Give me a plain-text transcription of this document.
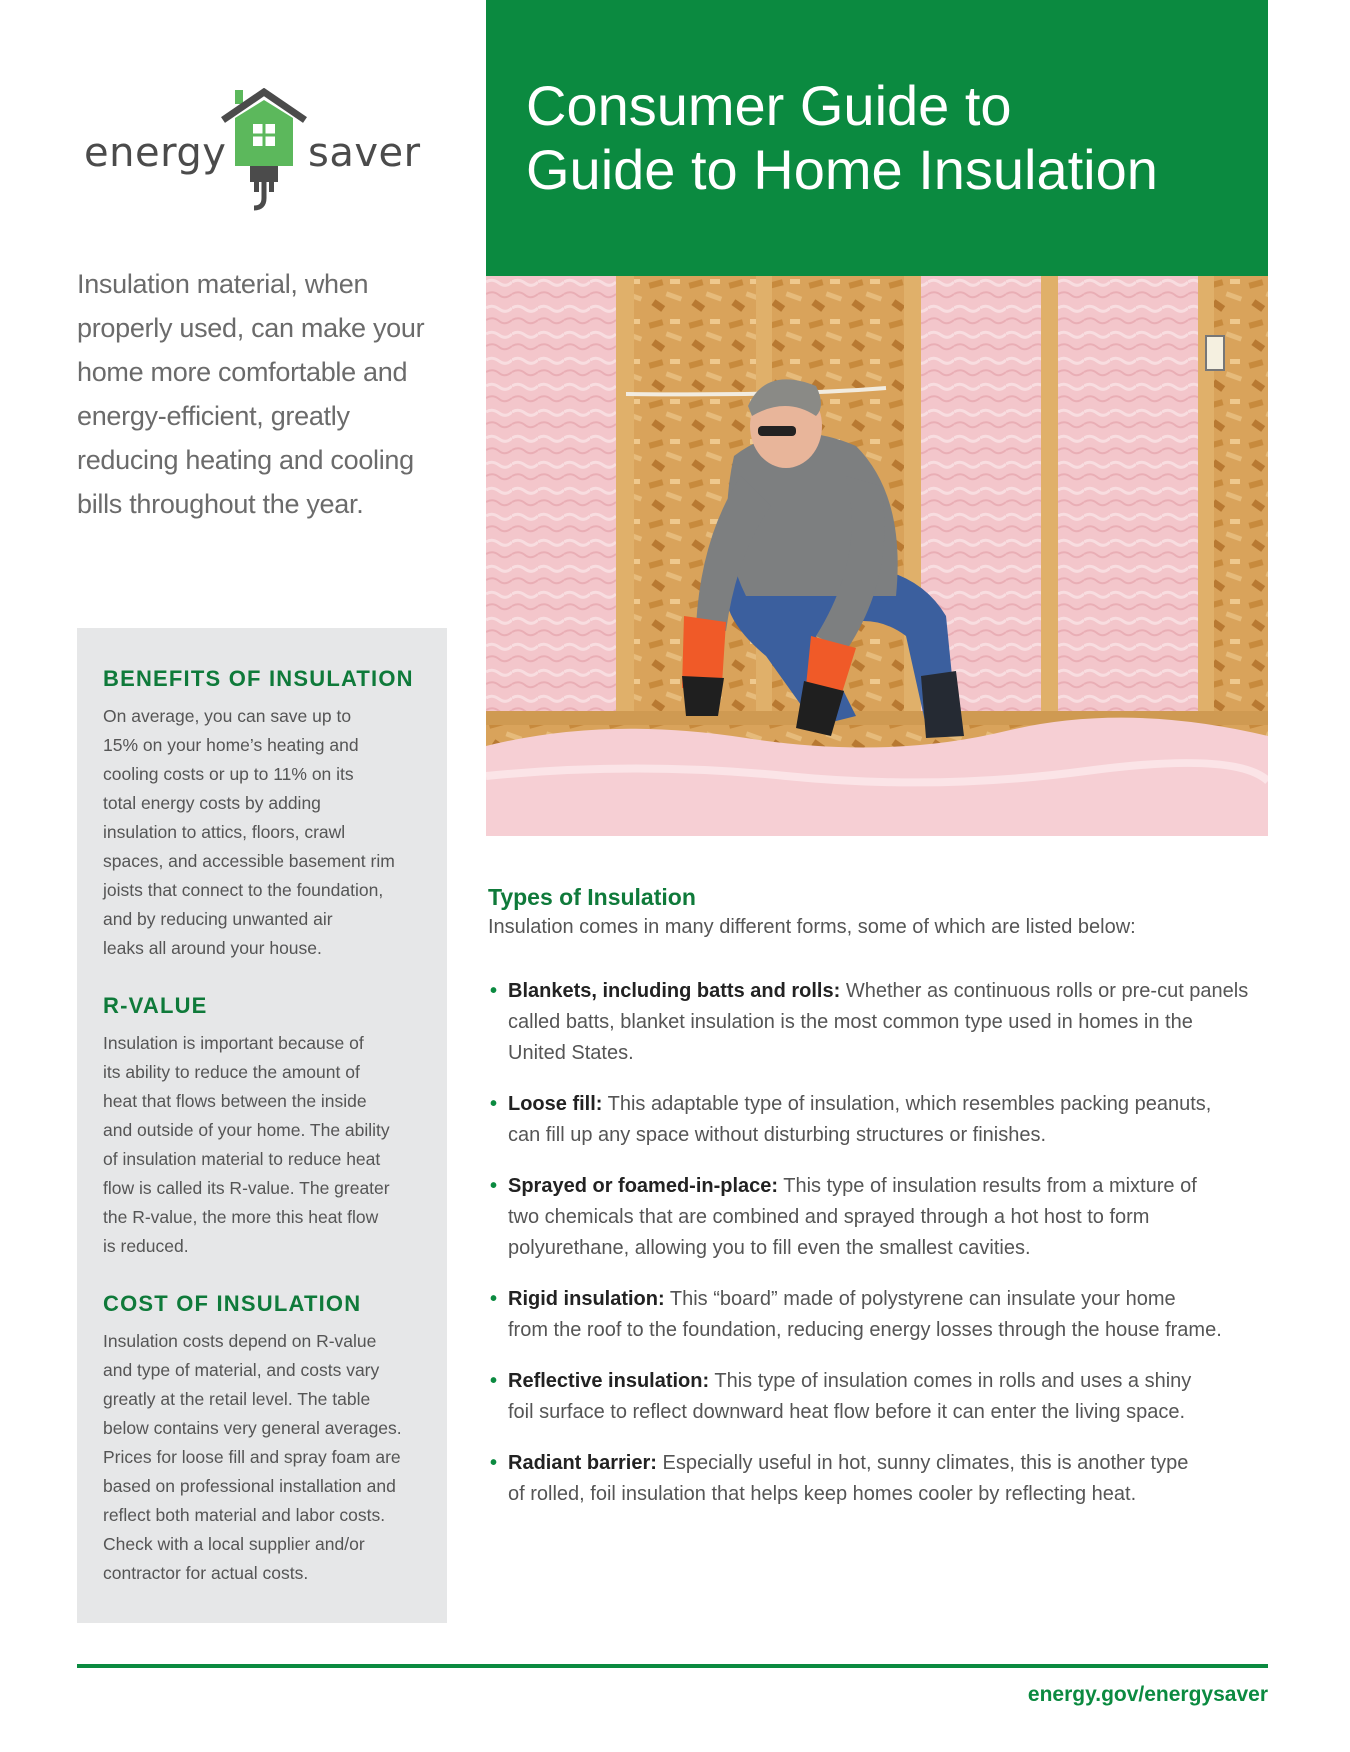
energy saver
Insulation material, when
properly used, can make your
home more comfortable and
energy-efficient, greatly
reducing heating and cooling
bills throughout the year.
BENEFITS OF INSULATION

On average, you can save up to
15% on your home’s heating and
cooling costs or up to 11% on its
total energy costs by adding
insulation to attics, floors, crawl
spaces, and accessible basement rim
joists that connect to the foundation,
and by reducing unwanted air
leaks all around your house.

R-VALUE

Insulation is important because of
its ability to reduce the amount of
heat that flows between the inside
and outside of your home. The ability
of insulation material to reduce heat
flow is called its R-value. The greater
the R-value, the more this heat flow
is reduced.

COST OF INSULATION

Insulation costs depend on R-value
and type of material, and costs vary
greatly at the retail level. The table
below contains very general averages.
Prices for loose fill and spray foam are
based on professional installation and
reflect both material and labor costs.
Check with a local supplier and/or
contractor for actual costs.

Consumer Guide to
Guide to Home Insulation
Types of Insulation
Insulation comes in many different forms, some of which are listed below:
• Blankets, including batts and rolls: Whether as continuous rolls or pre-cut panels
called batts, blanket insulation is the most common type used in homes in the
United States.
• Loose fill: This adaptable type of insulation, which resembles packing peanuts,
can fill up any space without disturbing structures or finishes.
• Sprayed or foamed-in-place: This type of insulation results from a mixture of
two chemicals that are combined and sprayed through a hot host to form
polyurethane, allowing you to fill even the smallest cavities.
• Rigid insulation: This “board” made of polystyrene can insulate your home
from the roof to the foundation, reducing energy losses through the house frame.
• Reflective insulation: This type of insulation comes in rolls and uses a shiny
foil surface to reflect downward heat flow before it can enter the living space.
• Radiant barrier: Especially useful in hot, sunny climates, this is another type
of rolled, foil insulation that helps keep homes cooler by reflecting heat.
energy.gov/energysaver
